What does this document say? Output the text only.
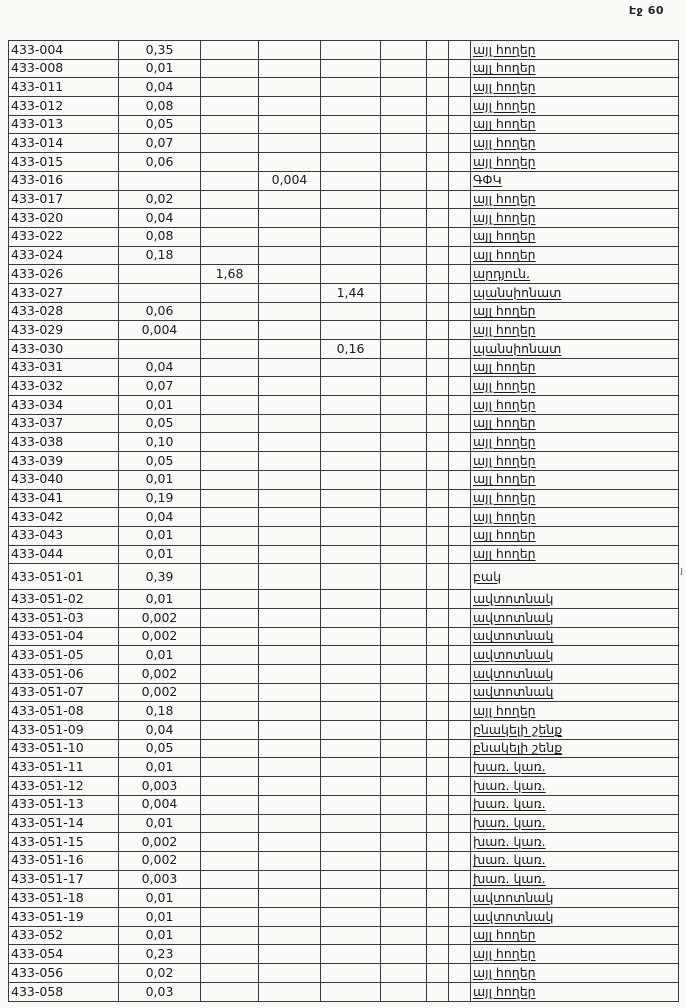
Էջ 60
յ
433-004	0,35							այլ հողեր
433-008	0,01							այլ հողեր
433-011	0,04							այլ հողեր
433-012	0,08							այլ հողեր
433-013	0,05							այլ հողեր
433-014	0,07							այլ հողեր
433-015	0,06							այլ հողեր
433-016			0,004					ԳՓԿ
433-017	0,02							այլ հողեր
433-020	0,04							այլ հողեր
433-022	0,08							այլ հողեր
433-024	0,18							այլ հողեր
433-026		1,68						արդյուն.
433-027				1,44				պանսիոնատ
433-028	0,06							այլ հողեր
433-029	0,004							այլ հողեր
433-030				0,16				պանսիոնատ
433-031	0,04							այլ հողեր
433-032	0,07							այլ հողեր
433-034	0,01							այլ հողեր
433-037	0,05							այլ հողեր
433-038	0,10							այլ հողեր
433-039	0,05							այլ հողեր
433-040	0,01							այլ հողեր
433-041	0,19							այլ հողեր
433-042	0,04							այլ հողեր
433-043	0,01							այլ հողեր
433-044	0,01							այլ հողեր
433-051-01	0,39							բակ
433-051-02	0,01							ավտոտնակ
433-051-03	0,002							ավտոտնակ
433-051-04	0,002							ավտոտնակ
433-051-05	0,01							ավտոտնակ
433-051-06	0,002							ավտոտնակ
433-051-07	0,002							ավտոտնակ
433-051-08	0,18							այլ հողեր
433-051-09	0,04							բնակելի շենք
433-051-10	0,05							բնակելի շենք
433-051-11	0,01							խառ. կառ.
433-051-12	0,003							խառ. կառ.
433-051-13	0,004							խառ. կառ.
433-051-14	0,01							խառ. կառ.
433-051-15	0,002							խառ. կառ.
433-051-16	0,002							խառ. կառ.
433-051-17	0,003							խառ. կառ.
433-051-18	0,01							ավտոտնակ
433-051-19	0,01							ավտոտնակ
433-052	0,01							այլ հողեր
433-054	0,23							այլ հողեր
433-056	0,02							այլ հողեր
433-058	0,03							այլ հողեր
